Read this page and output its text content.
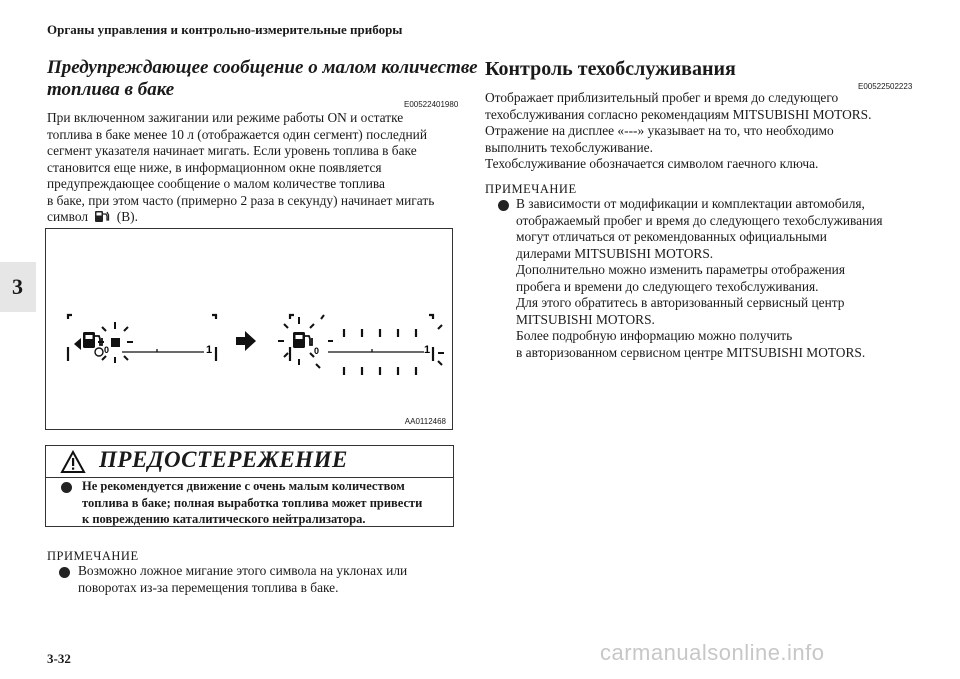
Органы управления и контрольно-измерительные приборы
3
Предупреждающее сообщение о малом количестве
топлива в баке
E00522401980
При включенном зажигании или режиме работы ON и остатке
топлива в баке менее 10 л (отображается один сегмент) последний
сегмент указателя начинает мигать. Если уровень топлива в баке
становится еще ниже, в информационном окне появляется
предупреждающее сообщение о малом количестве топлива
в баке, при этом часто (примерно 2 раза в секунду) начинает мигать
символ (B).
0	1	0	1
AA0112468
ПРЕДОСТЕРЕЖЕНИЕ
Не рекомендуется движение с очень малым количеством
топлива в баке; полная выработка топлива может привести
к повреждению каталитического нейтрализатора.
ПРИМЕЧАНИЕ
Возможно ложное мигание этого символа на уклонах или
поворотах из-за перемещения топлива в баке.
Контроль техобслуживания
E00522502223
Отображает приблизительный пробег и время до следующего
техобслуживания согласно рекомендациям MITSUBISHI MOTORS.
Отражение на дисплее «---» указывает на то, что необходимо
выполнить техобслуживание.
Техобслуживание обозначается символом гаечного ключа.
ПРИМЕЧАНИЕ
В зависимости от модификации и комплектации автомобиля,
отображаемый пробег и время до следующего техобслуживания
могут отличаться от рекомендованных официальными
дилерами MITSUBISHI MOTORS.
Дополнительно можно изменить параметры отображения
пробега и времени до следующего техобслуживания.
Для этого обратитесь в авторизованный сервисный центр
MITSUBISHI MOTORS.
Более подробную информацию можно получить
в авторизованном сервисном центре MITSUBISHI MOTORS.
3-32	carmanualsonline.info
